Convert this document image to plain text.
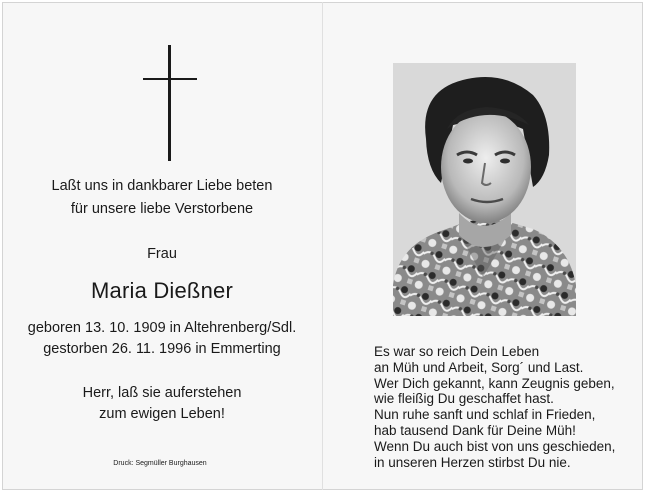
Laßt uns in dankbarer Liebe beten
für unsere liebe Verstorbene
Frau
Maria Dießner
geboren 13. 10. 1909 in Altehrenberg/Sdl.
gestorben 26. 11. 1996 in Emmerting
Herr, laß sie auferstehen
zum ewigen Leben!
Druck: Segmüller Burghausen
Es war so reich Dein Leben
an Müh und Arbeit, Sorg´ und Last.
Wer Dich gekannt, kann Zeugnis geben,
wie fleißig Du geschaffet hast.
Nun ruhe sanft und schlaf in Frieden,
hab tausend Dank für Deine Müh!
Wenn Du auch bist von uns geschieden,
in unseren Herzen stirbst Du nie.
